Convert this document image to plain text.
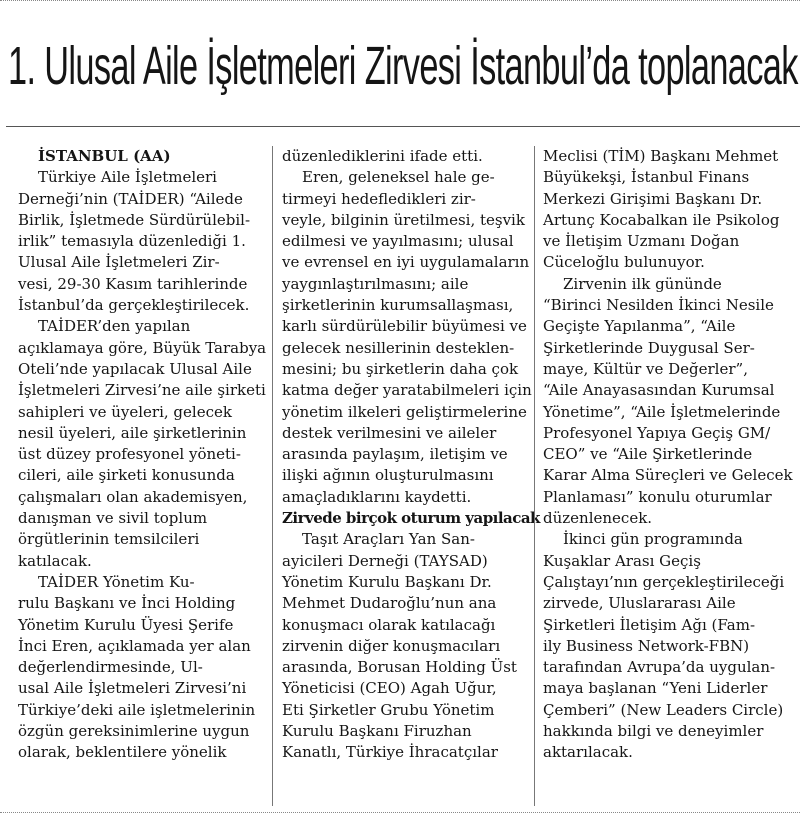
1. Ulusal Aile İşletmeleri Zirvesi İstanbul’da toplanacak
İSTANBUL (AA)
Türkiye Aile İşletmeleri
Derneği’nin (TAİDER) “Ailede
Birlik, İşletmede Sürdürülebil-
irlik” temasıyla düzenlediği 1.
Ulusal Aile İşletmeleri Zir-
vesi, 29-30 Kasım tarihlerinde
İstanbul’da gerçekleştirilecek.
TAİDER’den yapılan
açıklamaya göre, Büyük Tarabya
Oteli’nde yapılacak Ulusal Aile
İşletmeleri Zirvesi’ne aile şirketi
sahipleri ve üyeleri, gelecek
nesil üyeleri, aile şirketlerinin
üst düzey profesyonel yöneti-
cileri, aile şirketi konusunda
çalışmaları olan akademisyen,
danışman ve sivil toplum
örgütlerinin temsilcileri
katılacak.
TAİDER Yönetim Ku-
rulu Başkanı ve İnci Holding
Yönetim Kurulu Üyesi Şerife
İnci Eren, açıklamada yer alan
değerlendirmesinde, Ul-
usal Aile İşletmeleri Zirvesi’ni
Türkiye’deki aile işletmelerinin
özgün gereksinimlerine uygun
olarak, beklentilere yönelik
düzenlediklerini ifade etti.
Eren, geleneksel hale ge-
tirmeyi hedefledikleri zir-
veyle, bilginin üretilmesi, teşvik
edilmesi ve yayılmasını; ulusal
ve evrensel en iyi uygulamaların
yaygınlaştırılmasını; aile
şirketlerinin kurumsallaşması,
karlı sürdürülebilir büyümesi ve
gelecek nesillerinin desteklen-
mesini; bu şirketlerin daha çok
katma değer yaratabilmeleri için
yönetim ilkeleri geliştirmelerine
destek verilmesini ve aileler
arasında paylaşım, iletişim ve
ilişki ağının oluşturulmasını
amaçladıklarını kaydetti.
Zirvede birçok oturum yapılacak
Taşıt Araçları Yan San-
ayicileri Derneği (TAYSAD)
Yönetim Kurulu Başkanı Dr.
Mehmet Dudaroğlu’nun ana
konuşmacı olarak katılacağı
zirvenin diğer konuşmacıları
arasında, Borusan Holding Üst
Yöneticisi (CEO) Agah Uğur,
Eti Şirketler Grubu Yönetim
Kurulu Başkanı Firuzhan
Kanatlı, Türkiye İhracatçılar
Meclisi (TİM) Başkanı Mehmet
Büyükekşi, İstanbul Finans
Merkezi Girişimi Başkanı Dr.
Artunç Kocabalkan ile Psikolog
ve İletişim Uzmanı Doğan
Cüceloğlu bulunuyor.
Zirvenin ilk gününde
“Birinci Nesilden İkinci Nesile
Geçişte Yapılanma”, “Aile
Şirketlerinde Duygusal Ser-
maye, Kültür ve Değerler”,
“Aile Anayasasından Kurumsal
Yönetime”, “Aile İşletmelerinde
Profesyonel Yapıya Geçiş GM/
CEO” ve “Aile Şirketlerinde
Karar Alma Süreçleri ve Gelecek
Planlaması” konulu oturumlar
düzenlenecek.
İkinci gün programında
Kuşaklar Arası Geçiş
Çalıştayı’nın gerçekleştirileceği
zirvede, Uluslararası Aile
Şirketleri İletişim Ağı (Fam-
ily Business Network-FBN)
tarafından Avrupa’da uygulan-
maya başlanan “Yeni Liderler
Çemberi” (New Leaders Circle)
hakkında bilgi ve deneyimler
aktarılacak.
